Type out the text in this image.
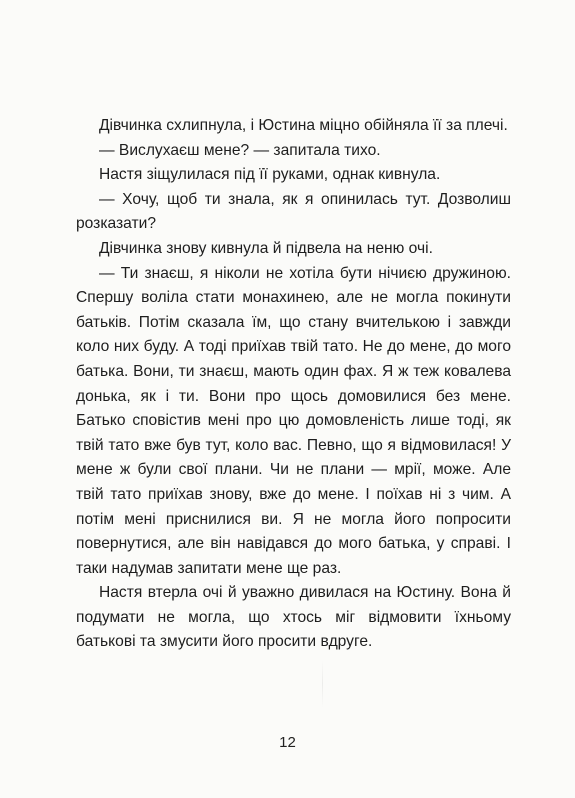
Дівчинка схлипнула, і Юстина міцно обійняла її за плечі.

— Вислухаєш мене? — запитала тихо.

Настя зіщулилася під її руками, однак кивнула.

— Хочу, щоб ти знала, як я опинилась тут. Дозволиш розказати?

Дівчинка знову кивнула й підвела на неню очі.

— Ти знаєш, я ніколи не хотіла бути нічиєю дружиною. Спершу воліла стати монахинею, але не могла покинути батьків. Потім сказала їм, що стану вчителькою і завжди коло них буду. А тоді приїхав твій тато. Не до мене, до мого батька. Вони, ти знаєш, мають один фах. Я ж теж ковалева донька, як і ти. Вони про щось домовилися без мене. Батько сповістив мені про цю домовленість лише тоді, як твій тато вже був тут, коло вас. Певно, що я відмовилася! У мене ж були свої плани. Чи не плани — мрії, може. Але твій тато приїхав знову, вже до мене. І поїхав ні з чим. А потім мені приснилися ви. Я не могла його попросити повернутися, але він навідався до мого батька, у справі. І таки надумав запитати мене ще раз.

Настя втерла очі й уважно дивилася на Юстину. Вона й подумати не могла, що хтось міг відмовити їхньому батькові та змусити його просити вдруге.

12
